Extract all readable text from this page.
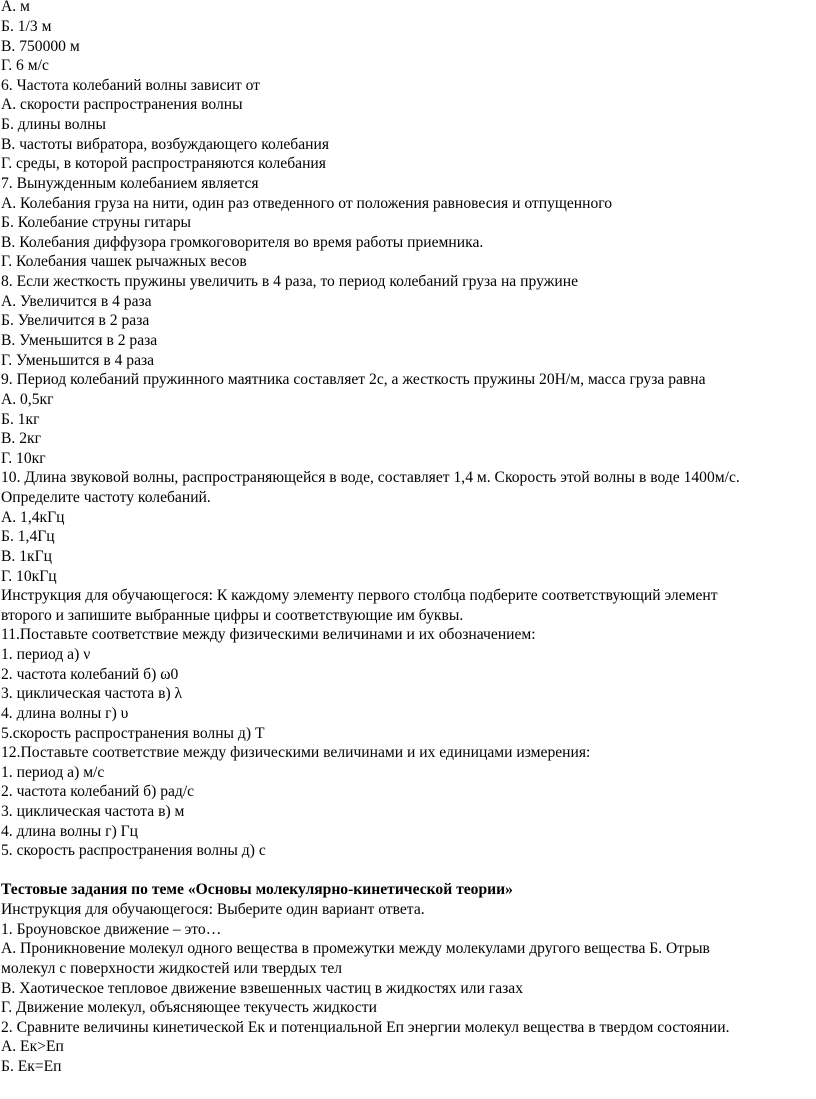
А. м
Б. 1/3 м
В. 750000 м
Г. 6 м/с
6. Частота колебаний волны зависит от
А. скорости распространения волны
Б. длины волны
В. частоты вибратора, возбуждающего колебания
Г. среды, в которой распространяются колебания
7. Вынужденным колебанием является
А. Колебания груза на нити, один раз отведенного от положения равновесия и отпущенного
Б. Колебание струны гитары
В. Колебания диффузора громкоговорителя во время работы приемника.
Г. Колебания чашек рычажных весов
8. Если жесткость пружины увеличить в 4 раза, то период колебаний груза на пружине
А. Увеличится в 4 раза
Б. Увеличится в 2 раза
В. Уменьшится в 2 раза
Г. Уменьшится в 4 раза
9. Период колебаний пружинного маятника составляет 2с, а жесткость пружины 20Н/м, масса груза равна
А. 0,5кг
Б. 1кг
В. 2кг
Г. 10кг
10. Длина звуковой волны, распространяющейся в воде, составляет 1,4 м. Скорость этой волны в воде 1400м/с.
Определите частоту колебаний.
А. 1,4кГц
Б. 1,4Гц
В. 1кГц
Г. 10кГц
Инструкция для обучающегося: К каждому элементу первого столбца подберите соответствующий элемент
второго и запишите выбранные цифры и соответствующие им буквы.
11.Поставьте соответствие между физическими величинами и их обозначением:
1. период а) ν
2. частота колебаний б) ω0
3. циклическая частота в) λ
4. длина волны г) υ
5.скорость распространения волны д) Т
12.Поставьте соответствие между физическими величинами и их единицами измерения:
1. период а) м/с
2. частота колебаний б) рад/с
3. циклическая частота в) м
4. длина волны г) Гц
5. скорость распространения волны д) с
Тестовые задания по теме «Основы молекулярно-кинетической теории»
Инструкция для обучающегося: Выберите один вариант ответа.
1. Броуновское движение – это…
А. Проникновение молекул одного вещества в промежутки между молекулами другого вещества Б. Отрыв
молекул с поверхности жидкостей или твердых тел
В. Хаотическое тепловое движение взвешенных частиц в жидкостях или газах
Г. Движение молекул, объясняющее текучесть жидкости
2. Сравните величины кинетической Ек и потенциальной Еп энергии молекул вещества в твердом состоянии.
А. Ек>Еп
Б. Ек=Еп
